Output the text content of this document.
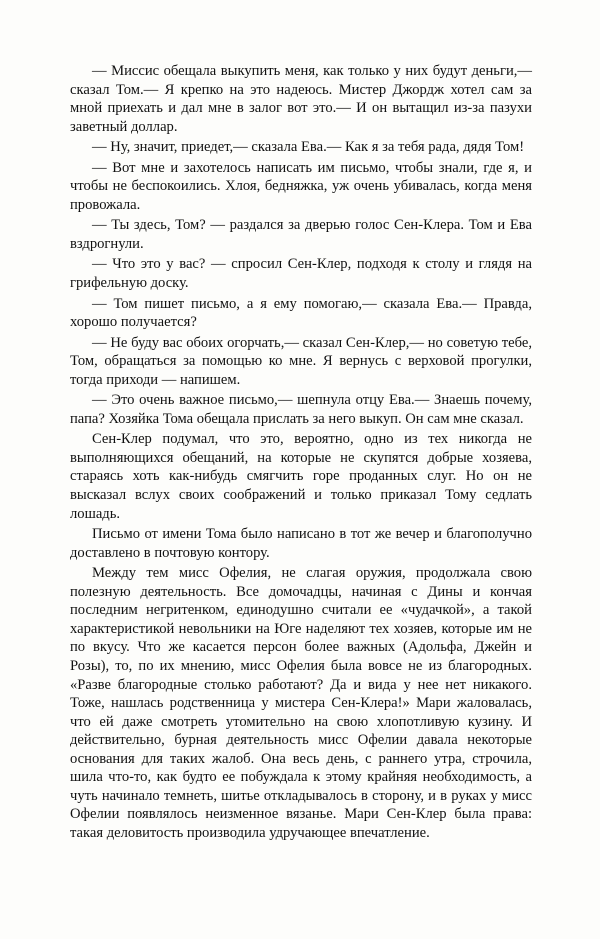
— Миссис обещала выкупить меня, как только у них будут деньги,— сказал Том.— Я крепко на это надеюсь. Мистер Джордж хотел сам за мной приехать и дал мне в залог вот это.— И он вытащил из-за пазухи заветный доллар.

— Ну, значит, приедет,— сказала Ева.— Как я за тебя рада, дядя Том!

— Вот мне и захотелось написать им письмо, чтобы знали, где я, и чтобы не беспокоились. Хлоя, бедняжка, уж очень убивалась, когда меня провожала.

— Ты здесь, Том? — раздался за дверью голос Сен-Клера. Том и Ева вздрогнули.

— Что это у вас? — спросил Сен-Клер, подходя к столу и глядя на грифельную доску.

— Том пишет письмо, а я ему помогаю,— сказала Ева.— Правда, хорошо получается?

— Не буду вас обоих огорчать,— сказал Сен-Клер,— но советую тебе, Том, обращаться за помощью ко мне. Я вернусь с верховой прогулки, тогда приходи — напишем.

— Это очень важное письмо,— шепнула отцу Ева.— Знаешь почему, папа? Хозяйка Тома обещала прислать за него выкуп. Он сам мне сказал.

Сен-Клер подумал, что это, вероятно, одно из тех никогда не выполняющихся обещаний, на которые не скупятся добрые хозяева, стараясь хоть как-нибудь смягчить горе проданных слуг. Но он не высказал вслух своих соображений и только приказал Тому седлать лошадь.

Письмо от имени Тома было написано в тот же вечер и благополучно доставлено в почтовую контору.

Между тем мисс Офелия, не слагая оружия, продолжала свою полезную деятельность. Все домочадцы, начиная с Дины и кончая последним негритенком, единодушно считали ее «чудачкой», а такой характеристикой невольники на Юге наделяют тех хозяев, которые им не по вкусу. Что же касается персон более важных (Адольфа, Джейн и Розы), то, по их мнению, мисс Офелия была вовсе не из благородных. «Разве благородные столько работают? Да и вида у нее нет никакого. Тоже, нашлась родственница у мистера Сен-Клера!» Мари жаловалась, что ей даже смотреть утомительно на свою хлопотливую кузину. И действительно, бурная деятельность мисс Офелии давала некоторые основания для таких жалоб. Она весь день, с раннего утра, строчила, шила что-то, как будто ее побуждала к этому крайняя необходимость, а чуть начинало темнеть, шитье откладывалось в сторону, и в руках у мисс Офелии появлялось неизменное вязанье. Мари Сен-Клер была права: такая деловитость производила удручающее впечатление.
